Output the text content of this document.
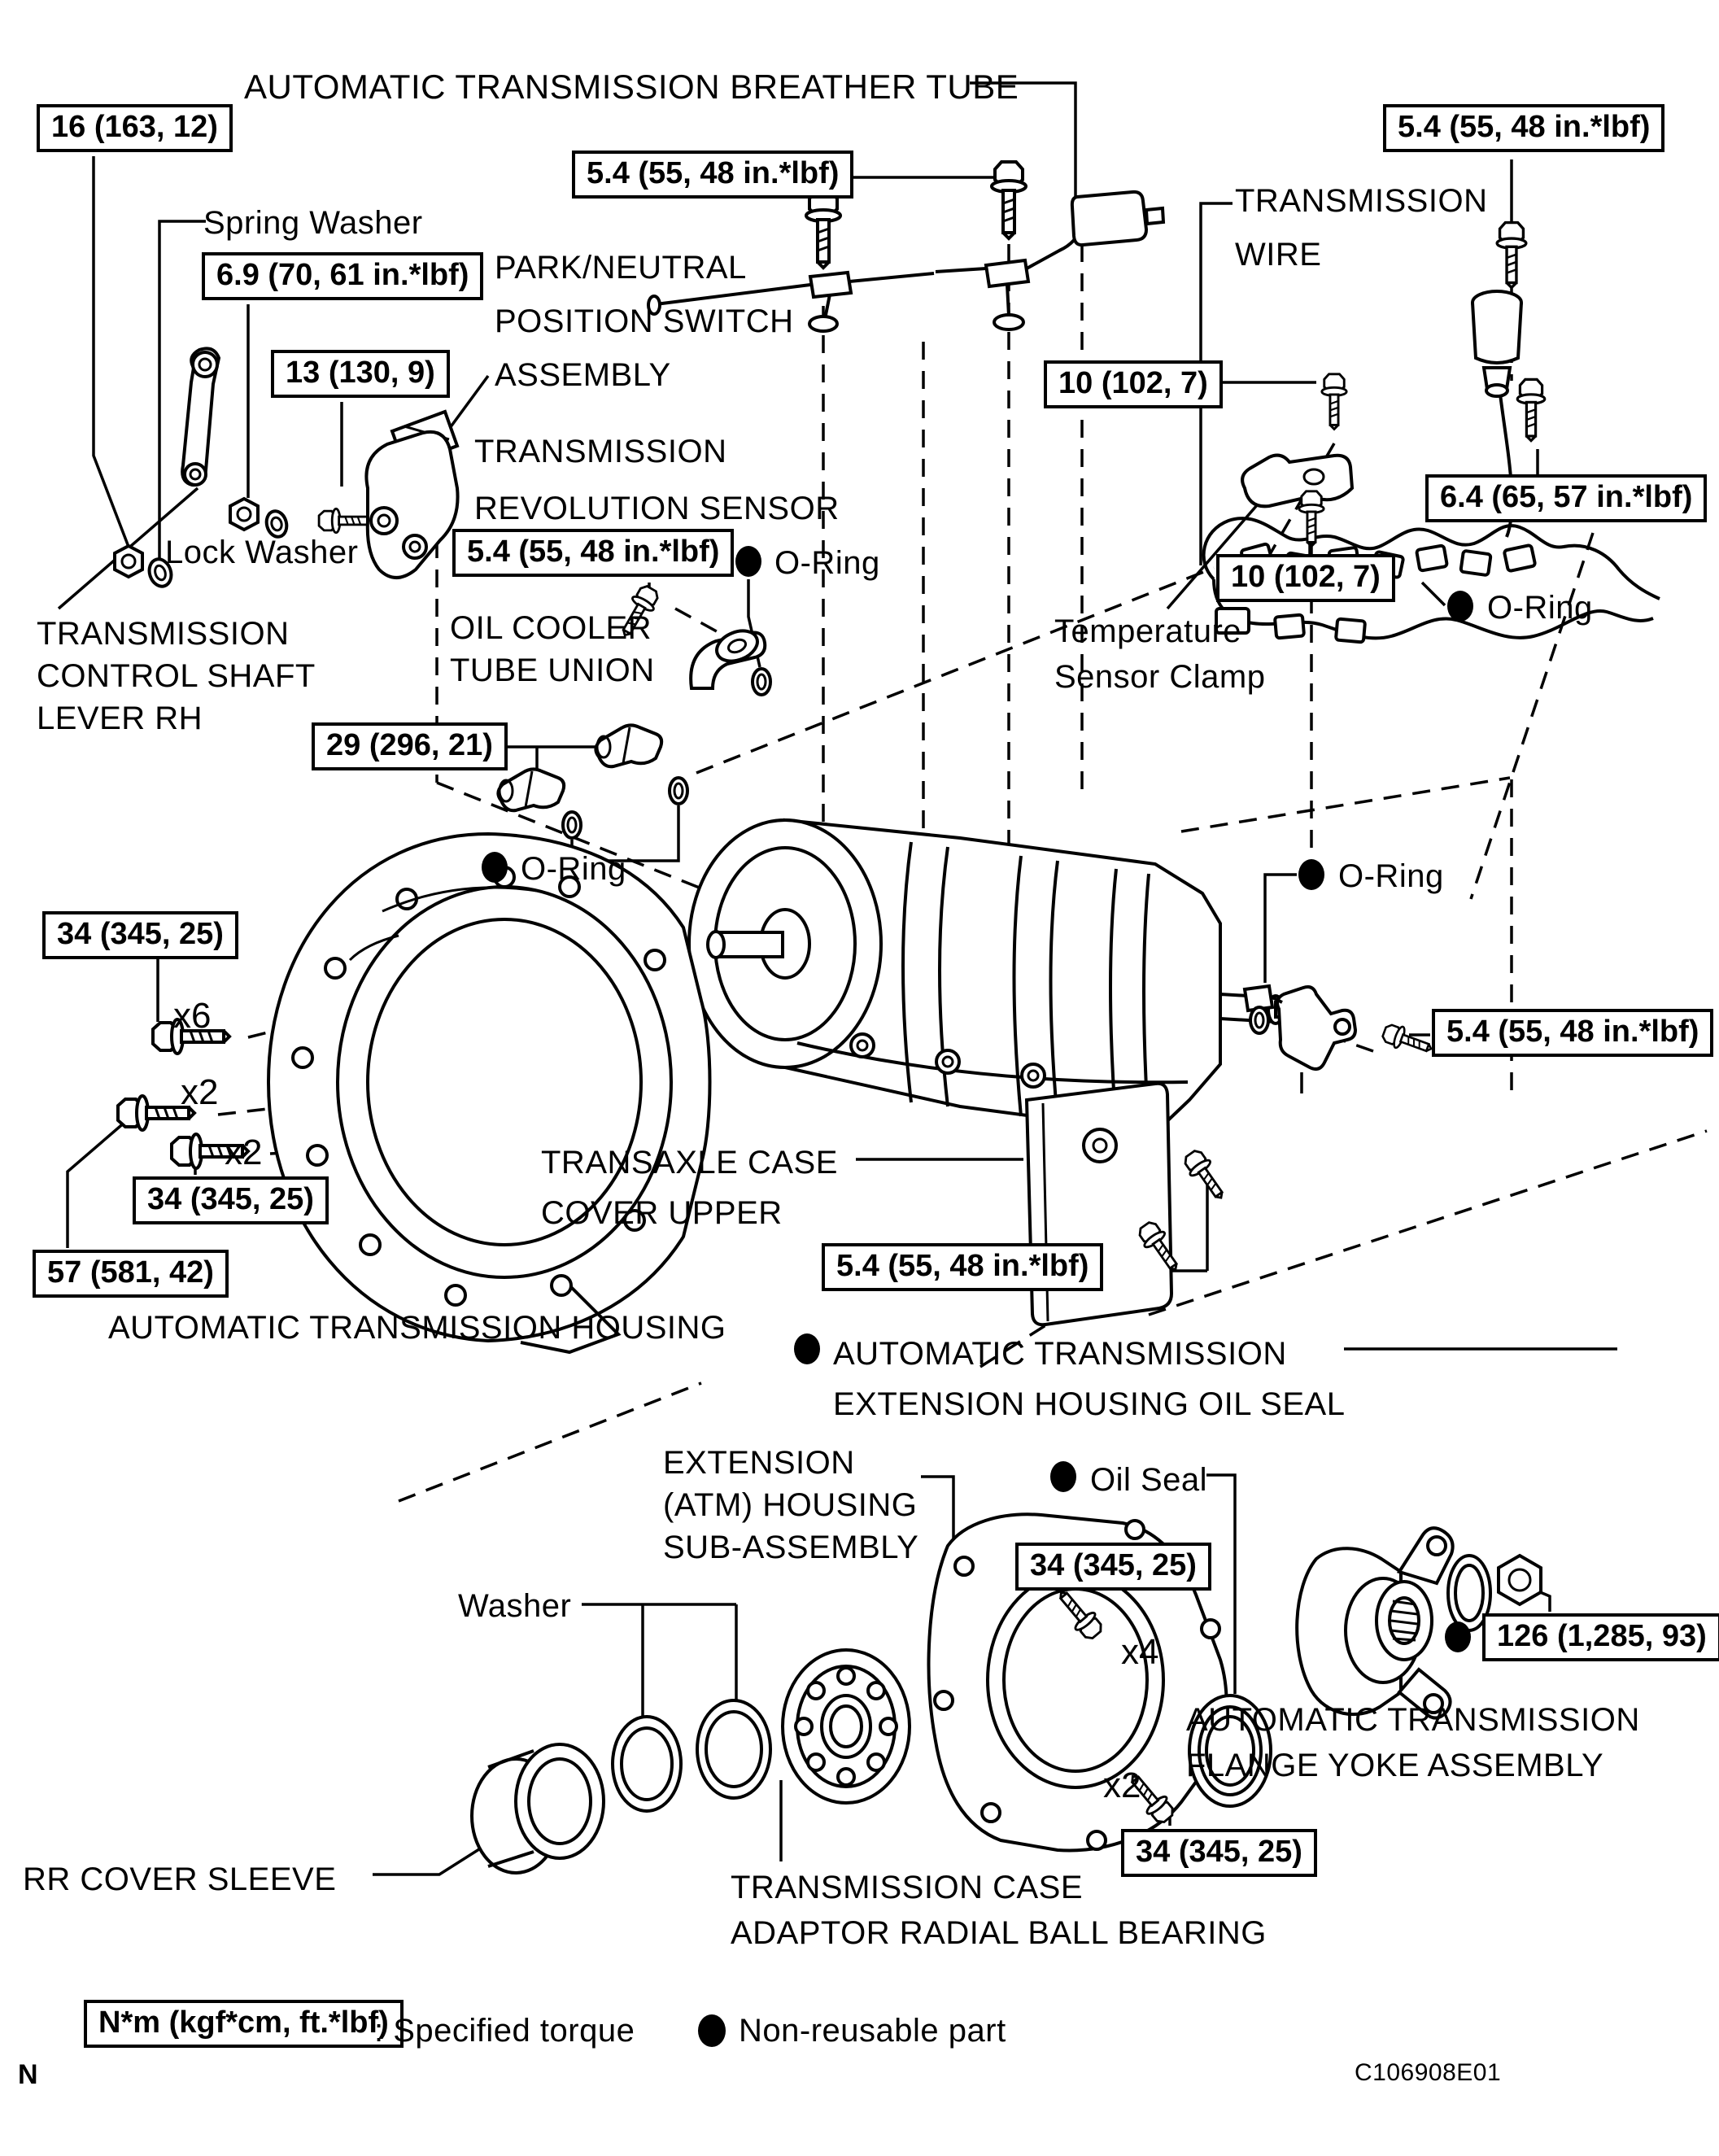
16 (163, 12)
6.9 (70, 61 in.*lbf)
13 (130, 9)
5.4 (55, 48 in.*lbf)
5.4 (55, 48 in.*lbf)
10 (102, 7)
6.4 (65, 57 in.*lbf)
10 (102, 7)
5.4 (55, 48 in.*lbf)
29 (296, 21)
34 (345, 25)
34 (345, 25)
57 (581, 42)
5.4 (55, 48 in.*lbf)
5.4 (55, 48 in.*lbf)
34 (345, 25)
126 (1,285, 93)
34 (345, 25)
AUTOMATIC TRANSMISSION BREATHER TUBE
Spring Washer
PARK/NEUTRAL
POSITION SWITCH
ASSEMBLY
TRANSMISSION
REVOLUTION SENSOR
TRANSMISSION
WIRE
Lock Washer
TRANSMISSION
CONTROL SHAFT
LEVER RH
OIL COOLER
TUBE UNION
Temperature
Sensor Clamp
O-Ring
O-Ring
O-Ring	O-Ring
AUTOMATIC TRANSMISSION HOUSING
TRANSAXLE CASE
COVER UPPER
AUTOMATIC TRANSMISSION
EXTENSION HOUSING OIL SEAL
EXTENSION
(ATM) HOUSING
SUB-ASSEMBLY
Oil Seal
Washer
AUTOMATIC TRANSMISSION
FLANGE YOKE ASSEMBLY
RR COVER SLEEVE	TRANSMISSION CASE
ADAPTOR RADIAL BALL BEARING
x6
x2
x2
x4
x2
N*m (kgf*cm, ft.*lbf)
: Specified torque	Non-reusable part
N	C106908E01
